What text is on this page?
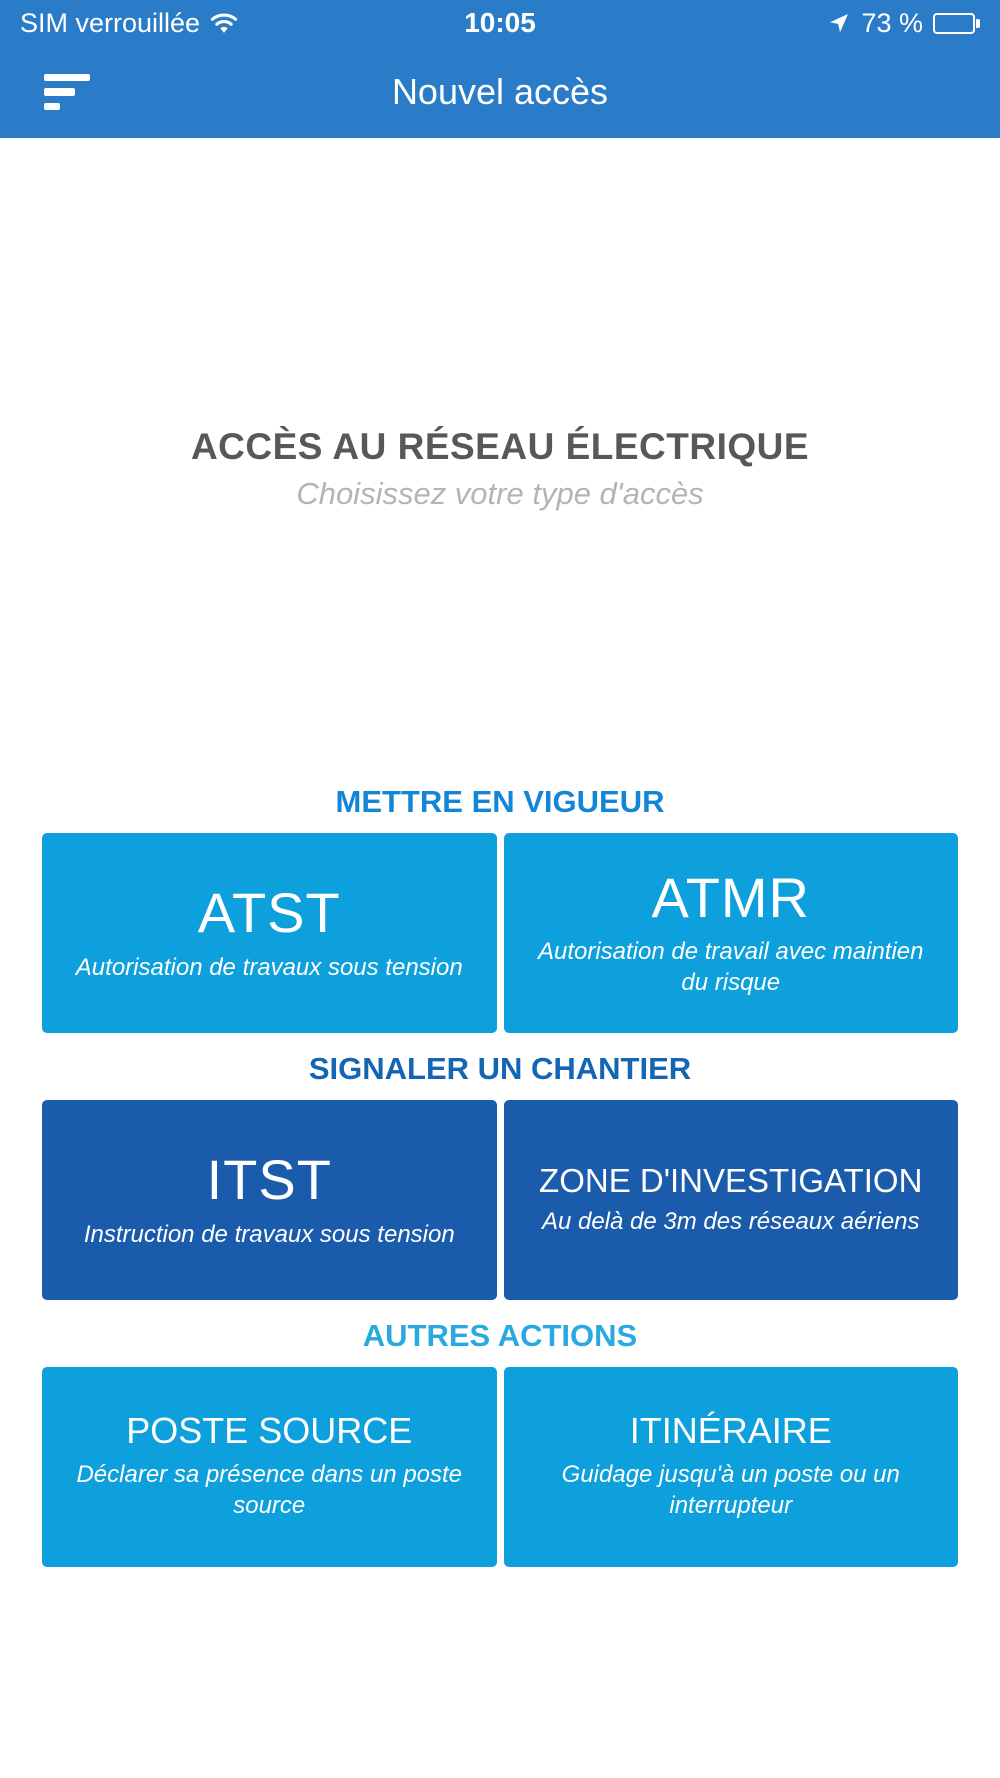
SIM verrouillée	10:05	73 %
Nouvel accès
ACCÈS AU RÉSEAU ÉLECTRIQUE

Choisissez votre type d'accès

METTRE EN VIGUEUR
ATST
Autorisation de travaux sous tension
ATMR
Autorisation de travail avec maintien du risque
SIGNALER UN CHANTIER
ITST
Instruction de travaux sous tension
ZONE D'INVESTIGATION
Au delà de 3m des réseaux aériens
AUTRES ACTIONS
POSTE SOURCE
Déclarer sa présence dans un poste source
ITINÉRAIRE
Guidage jusqu'à un poste ou un interrupteur
